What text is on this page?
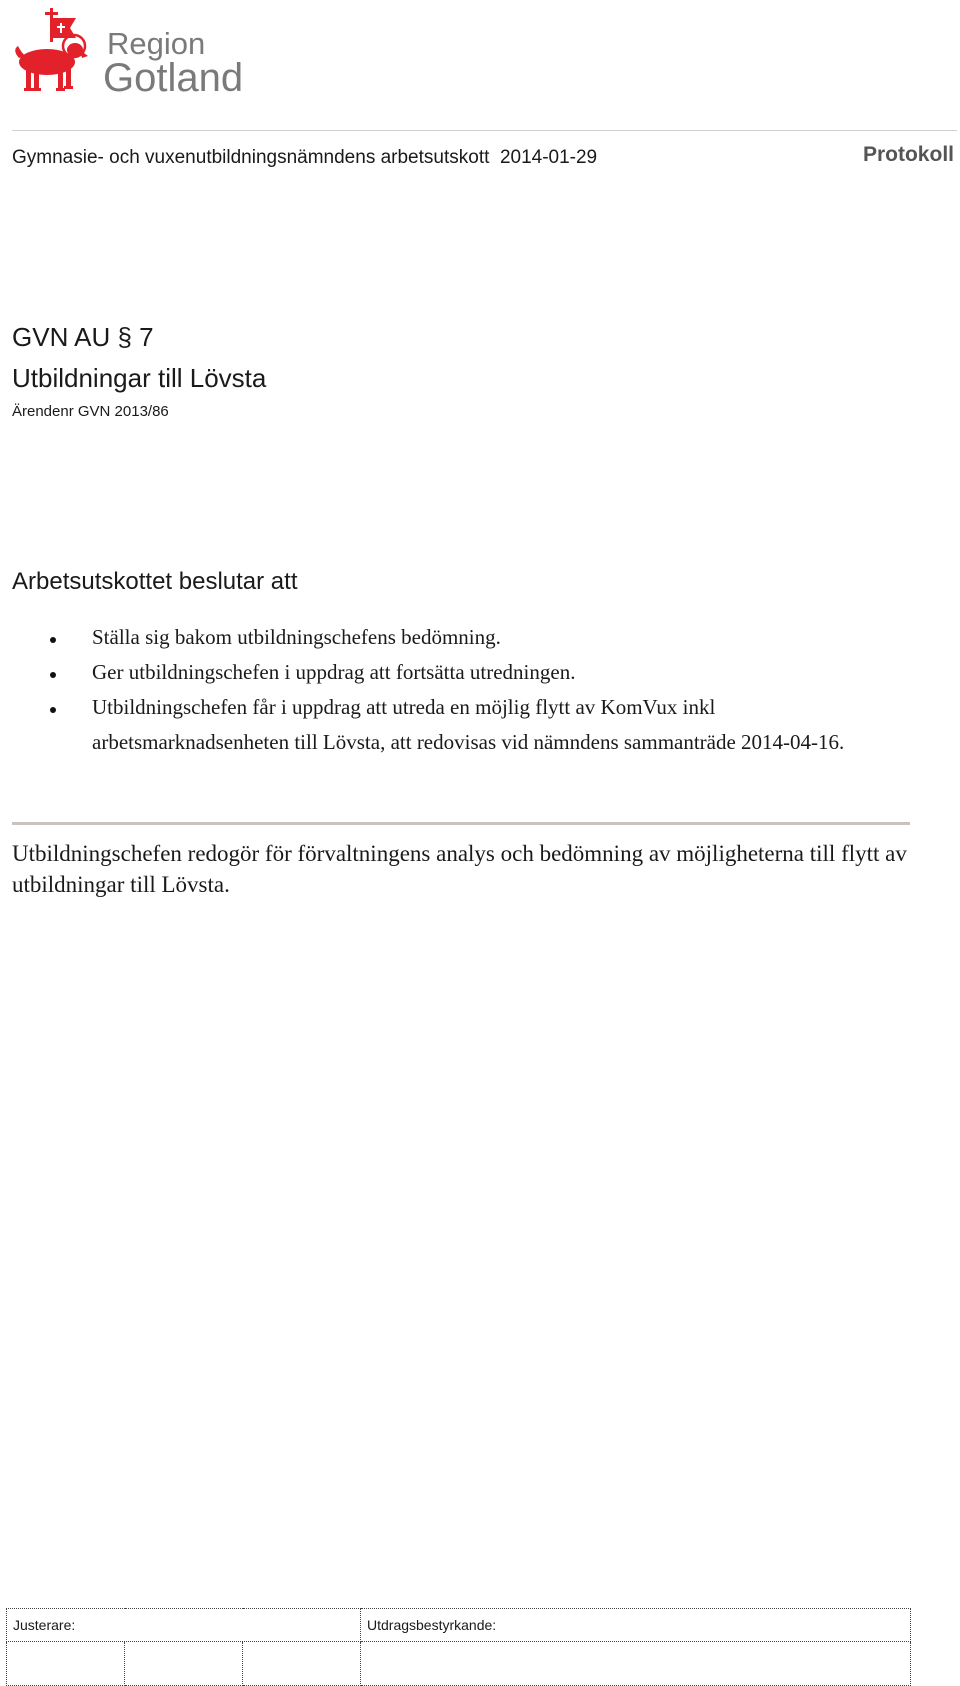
Region
Gotland
Gymnasie- och vuxenutbildningsnämndens arbetsutskott 2014-01-29	Protokoll
GVN AU § 7
Utbildningar till Lövsta
Ärendenr GVN 2013/86
Arbetsutskottet beslutar att
Ställa sig bakom utbildningschefens bedömning.
Ger utbildningschefen i uppdrag att fortsätta utredningen.
Utbildningschefen får i uppdrag att utreda en möjlig flytt av KomVux inkl arbetsmarknadsenheten till Lövsta, att redovisas vid nämndens sammanträde 2014-04-16.
Utbildningschefen redogör för förvaltningens analys och bedömning av möjligheterna till flytt av utbildningar till Lövsta.
Justerare:			Utdragsbestyrkande:
